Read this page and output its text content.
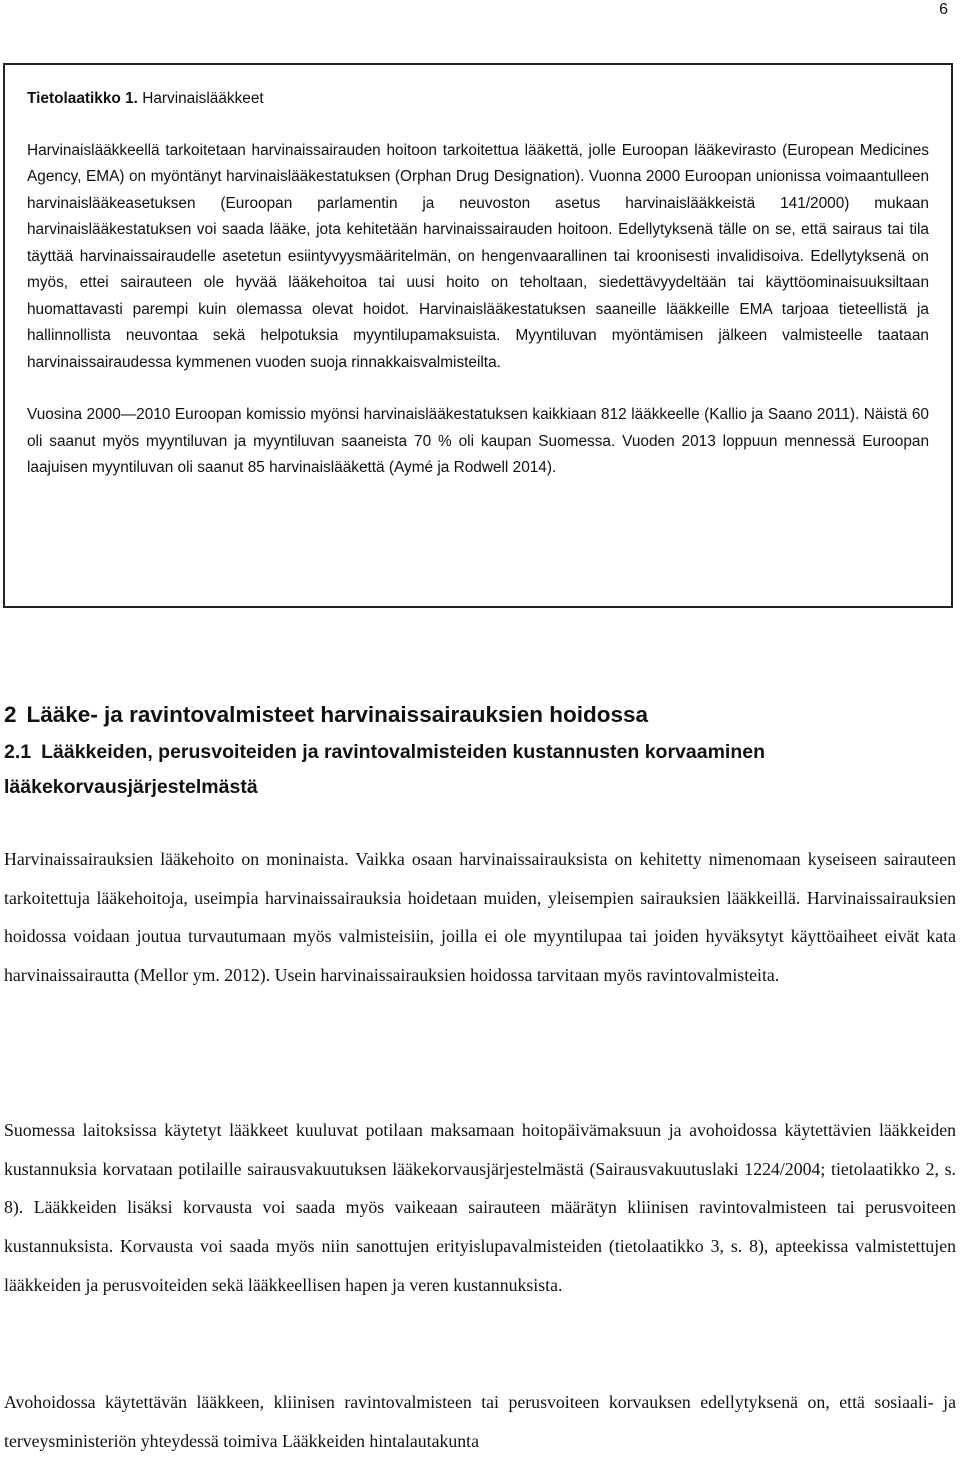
6

Tietolaatikko 1. Harvinaislääkkeet

Harvinaislääkkeellä tarkoitetaan harvinaissairauden hoitoon tarkoitettua lääkettä, jolle Euroopan lääkevirasto (European Medicines Agency, EMA) on myöntänyt harvinaislääkestatuksen (Orphan Drug Designation). Vuonna 2000 Euroopan unionissa voimaantulleen harvinaislääkeasetuksen (Euroopan parlamentin ja neuvoston asetus harvinaislääkkeistä 141/2000) mukaan harvinaislääkestatuksen voi saada lääke, jota kehitetään harvinaissairauden hoitoon. Edellytyksenä tälle on se, että sairaus tai tila täyttää harvinaissairaudelle asetetun esiintyvyysmääritelmän, on hengenvaarallinen tai kroonisesti invalidisoiva. Edellytyksenä on myös, ettei sairauteen ole hyvää lääkehoitoa tai uusi hoito on teholtaan, siedettävyydeltään tai käyttöominaisuuksiltaan huomattavasti parempi kuin olemassa olevat hoidot. Harvinaislääkestatuksen saaneille lääkkeille EMA tarjoaa tieteellistä ja hallinnollista neuvontaa sekä helpotuksia myyntilupamaksuista. Myyntiluvan myöntämisen jälkeen valmisteelle taataan harvinaissairaudessa kymmenen vuoden suoja rinnakkaisvalmisteilta.

Vuosina 2000—2010 Euroopan komissio myönsi harvinaislääkestatuksen kaikkiaan 812 lääkkeelle (Kallio ja Saano 2011). Näistä 60 oli saanut myös myyntiluvan ja myyntiluvan saaneista 70 % oli kaupan Suomessa. Vuoden 2013 loppuun mennessä Euroopan laajuisen myyntiluvan oli saanut 85 harvinaislääkettä (Aymé ja Rodwell 2014).

2 Lääke- ja ravintovalmisteet harvinaissairauksien hoidossa
2.1 Lääkkeiden, perusvoiteiden ja ravintovalmisteiden kustannusten korvaaminen lääkekorvausjärjestelmästä

Harvinaissairauksien lääkehoito on moninaista. Vaikka osaan harvinaissairauksista on kehitetty nimenomaan kyseiseen sairauteen tarkoitettuja lääkehoitoja, useimpia harvinaissairauksia hoidetaan muiden, yleisempien sairauksien lääkkeillä. Harvinaissairauksien hoidossa voidaan joutua turvautumaan myös valmisteisiin, joilla ei ole myyntilupaa tai joiden hyväksytyt käyttöaiheet eivät kata harvinaissairautta (Mellor ym. 2012). Usein harvinaissairauksien hoidossa tarvitaan myös ravintovalmisteita.

Suomessa laitoksissa käytetyt lääkkeet kuuluvat potilaan maksamaan hoitopäivämaksuun ja avohoidossa käytettävien lääkkeiden kustannuksia korvataan potilaille sairausvakuutuksen lääkekorvausjärjestelmästä (Sairausvakuutuslaki 1224/2004; tietolaatikko 2, s. 8). Lääkkeiden lisäksi korvausta voi saada myös vaikeaan sairauteen määrätyn kliinisen ravintovalmisteen tai perusvoiteen kustannuksista. Korvausta voi saada myös niin sanottujen erityislupavalmisteiden (tietolaatikko 3, s. 8), apteekissa valmistettujen lääkkeiden ja perusvoiteiden sekä lääkkeellisen hapen ja veren kustannuksista.

Avohoidossa käytettävän lääkkeen, kliinisen ravintovalmisteen tai perusvoiteen korvauksen edellytyksenä on, että sosiaali- ja terveysministeriön yhteydessä toimiva Lääkkeiden hintalautakunta
